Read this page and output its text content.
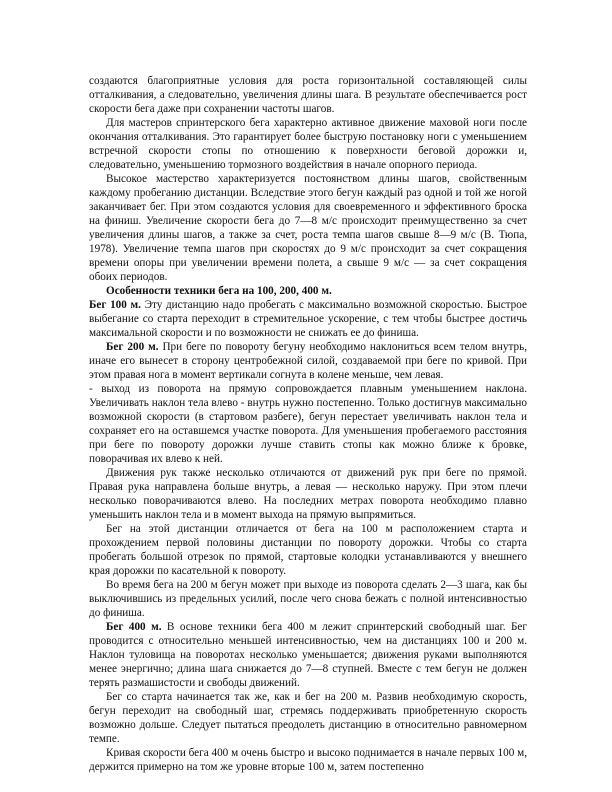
создаются благоприятные условия для роста горизонтальной составляющей силы отталкивания, а следовательно, увеличения длины шага. В результате обеспечивается рост скорости бега даже при сохранении частоты шагов.

Для мастеров спринтерского бега характерно активное движение маховой ноги после окончания отталкивания. Это гарантирует более быструю постановку ноги с уменьшением встречной скорости стопы по отношению к поверхности беговой дорожки и, следовательно, уменьшению тормозного воздействия в начале опорного периода.

Высокое мастерство характеризуется постоянством длины шагов, свойственным каждому пробеганию дистанции. Вследствие этого бегун каждый раз одной и той же ногой заканчивает бег. При этом создаются условия для своевременного и эффективного броска на финиш. Увеличение скорости бега до 7—8 м/с происходит преимущественно за счет увеличения длины шагов, а также за счет, роста темпа шагов свыше 8—9 м/с (В. Тюпа, 1978). Увеличение темпа шагов при скоростях до 9 м/с происходит за счет сокращения времени опоры при увеличении времени полета, а свыше 9 м/с — за счет сокращения обоих периодов.

Особенности техники бега на 100, 200, 400 м.

Бег 100 м. Эту дистанцию надо пробегать с максимально возможной скоростью. Быстрое выбегание со старта переходит в стремительное ускорение, с тем чтобы быстрее достичь максимальной скорости и по возможности не снижать ее до финиша.

Бег 200 м. При беге по повороту бегуну необходимо наклониться всем телом внутрь, иначе его вынесет в сторону центробежной силой, создаваемой при беге по кривой. При этом правая нога в момент вертикали согнута в колене меньше, чем левая.

- выход из поворота на прямую сопровождается плавным уменьшением наклона. Увеличивать наклон тела влево - внутрь нужно постепенно. Только достигнув максимально возможной скорости (в стартовом разбеге), бегун перестает увеличивать наклон тела и сохраняет его на оставшемся участке поворота. Для уменьшения пробегаемого расстояния при беге по повороту дорожки лучше ставить стопы как можно ближе к бровке, поворачивая их влево к ней.

Движения рук также несколько отличаются от движений рук при беге по прямой. Правая рука направлена больше внутрь, а левая — несколько наружу. При этом плечи несколько поворачиваются влево. На последних метрах поворота необходимо плавно уменьшить наклон тела и в момент выхода на прямую выпрямиться.

Бег на этой дистанции отличается от бега на 100 м расположением старта и прохождением первой половины дистанции по повороту дорожки. Чтобы со старта пробегать большой отрезок по прямой, стартовые колодки устанавливаются у внешнего края дорожки по касательной к повороту.

Во время бега на 200 м бегун может при выходе из поворота сделать 2—3 шага, как бы выключившись из предельных усилий, после чего снова бежать с полной интенсивностью до финиша.

Бег 400 м. В основе техники бега 400 м лежит спринтерский свободный шаг. Бег проводится с относительно меньшей интенсивностью, чем на дистанциях 100 и 200 м. Наклон туловища на поворотах несколько уменьшается; движения руками выполняются менее энергично; длина шага снижается до 7—8 ступней. Вместе с тем бегун не должен терять размашистости и свободы движений.

Бег со старта начинается так же, как и бег на 200 м. Развив необходимую скорость, бегун переходит на свободный шаг, стремясь поддерживать приобретенную скорость возможно дольше. Следует пытаться преодолеть дистанцию в относительно равномерном темпе.

Кривая скорости бега 400 м очень быстро и высоко поднимается в начале первых 100 м, держится примерно на том же уровне вторые 100 м, затем постепенно
